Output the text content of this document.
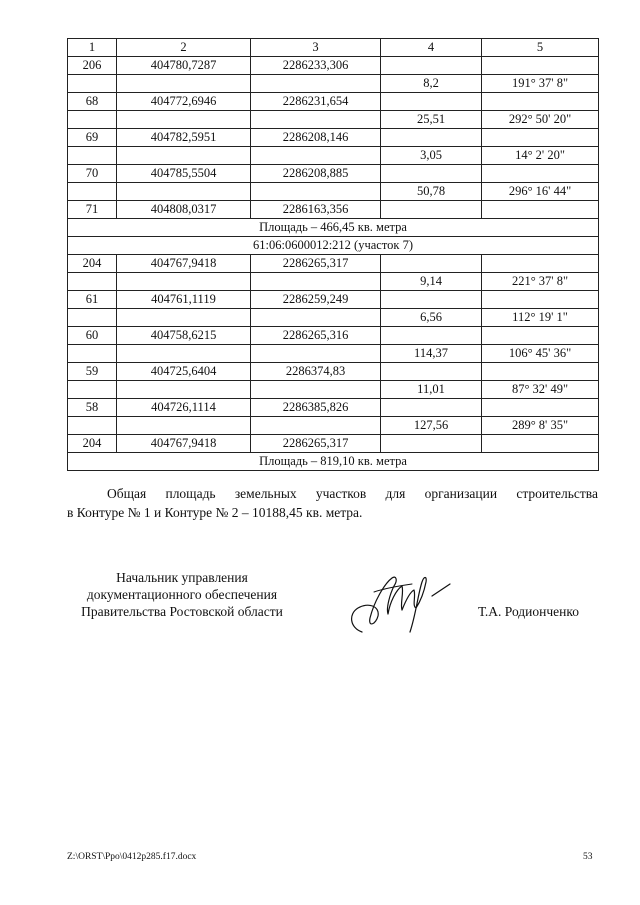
1	2	3	4	5
206	404780,7287	2286233,306		
			8,2	191° 37' 8"
68	404772,6946	2286231,654		
			25,51	292° 50' 20"
69	404782,5951	2286208,146		
			3,05	14° 2' 20"
70	404785,5504	2286208,885		
			50,78	296° 16' 44"
71	404808,0317	2286163,356		
Площадь – 466,45 кв. метра				
61:06:0600012:212 (участок 7)				
204	404767,9418	2286265,317		
			9,14	221° 37' 8"
61	404761,1119	2286259,249		
			6,56	112° 19' 1"
60	404758,6215	2286265,316		
			114,37	106° 45' 36"
59	404725,6404	2286374,83		
			11,01	87° 32' 49"
58	404726,1114	2286385,826		
			127,56	289° 8' 35"
204	404767,9418	2286265,317		
Площадь – 819,10 кв. метра				

Общая площадь земельных участков для организации строительства
в Контуре № 1 и Контуре № 2 – 10188,45 кв. метра.

Начальник управления
документационного обеспечения
Правительства Ростовской области	Т.А. Родионченко
Z:\ORST\Ppo\0412p285.f17.docx	53
